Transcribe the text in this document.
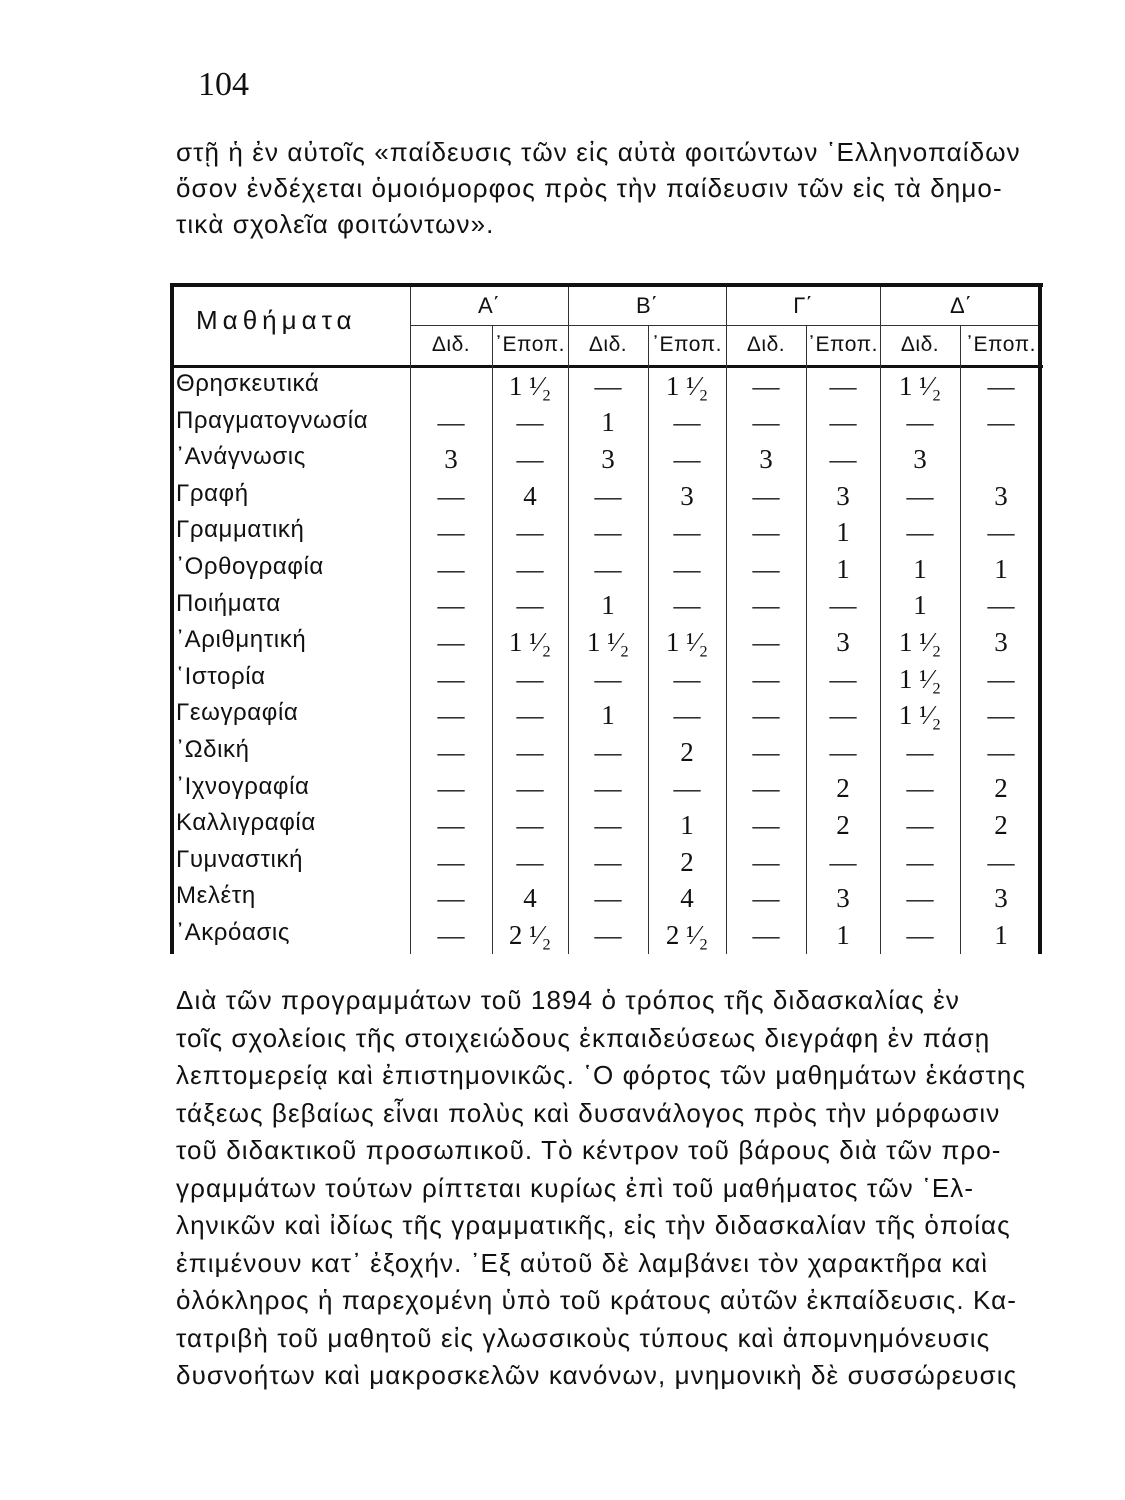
104
στῇ ἡ ἐν αὐτοῖς «παίδευσις τῶν εἰς αὐτὰ φοιτώντων ῾Ελληνοπαίδων
ὅσον ἐνδέχεται ὁμοιόμορφος πρὸς τὴν παίδευσιν τῶν εἰς τὰ δημο-
τικὰ σχολεῖα φοιτώντων».
Μαθήματα	Α΄	Β΄	Γ΄	Δ΄
Διδ.	᾿Εποπ.	Διδ.	᾿Εποπ.	Διδ.	᾿Εποπ.	Διδ.	᾿Εποπ.
Θρησκευτικά	1 ¹⁄₂	—	1 ¹⁄₂	—	—	1 ¹⁄₂	—
Πραγματογνωσία	—	—	1	—	—	—	—	—
᾿Ανάγνωσις	3	—	3	—	3	—	3
Γραφή	—	4	—	3	—	3	—	3
Γραμματική	—	—	—	—	—	1	—	—
᾿Ορθογραφία	—	—	—	—	—	1	1	1
Ποιήματα	—	—	1	—	—	—	1	—
᾿Αριθμητική	—	1 ¹⁄₂	1 ¹⁄₂	1 ¹⁄₂	—	3	1 ¹⁄₂	3
῾Ιστορία	—	—	—	—	—	—	1 ¹⁄₂	—
Γεωγραφία	—	—	1	—	—	—	1 ¹⁄₂	—
᾿Ωδική	—	—	—	2	—	—	—	—
᾿Ιχνογραφία	—	—	—	—	—	2	—	2
Καλλιγραφία	—	—	—	1	—	2	—	2
Γυμναστική	—	—	—	2	—	—	—	—
Μελέτη	—	4	—	4	—	3	—	3
᾿Ακρόασις	—	2 ¹⁄₂	—	2 ¹⁄₂	—	1	—	1
Διὰ τῶν προγραμμάτων τοῦ 1894 ὁ τρόπος τῆς διδασκαλίας ἐν
τοῖς σχολείοις τῆς στοιχειώδους ἐκπαιδεύσεως διεγράφη ἐν πάσῃ
λεπτομερείᾳ καὶ ἐπιστημονικῶς. ῾Ο φόρτος τῶν μαθημάτων ἑκάστης
τάξεως βεβαίως εἶναι πολὺς καὶ δυσανάλογος πρὸς τὴν μόρφωσιν
τοῦ διδακτικοῦ προσωπικοῦ. Τὸ κέντρον τοῦ βάρους διὰ τῶν προ-
γραμμάτων τούτων ρίπτεται κυρίως ἐπὶ τοῦ μαθήματος τῶν ῾Ελ-
ληνικῶν καὶ ἰδίως τῆς γραμματικῆς, εἰς τὴν διδασκαλίαν τῆς ὁποίας
ἐπιμένουν κατ᾿ ἐξοχήν. ᾿Εξ αὐτοῦ δὲ λαμβάνει τὸν χαρακτῆρα καὶ
ὁλόκληρος ἡ παρεχομένη ὑπὸ τοῦ κράτους αὐτῶν ἐκπαίδευσις. Κα-
τατριβὴ τοῦ μαθητοῦ εἰς γλωσσικοὺς τύπους καὶ ἀπομνημόνευσις
δυσνοήτων καὶ μακροσκελῶν κανόνων, μνημονικὴ δὲ συσσώρευσις
